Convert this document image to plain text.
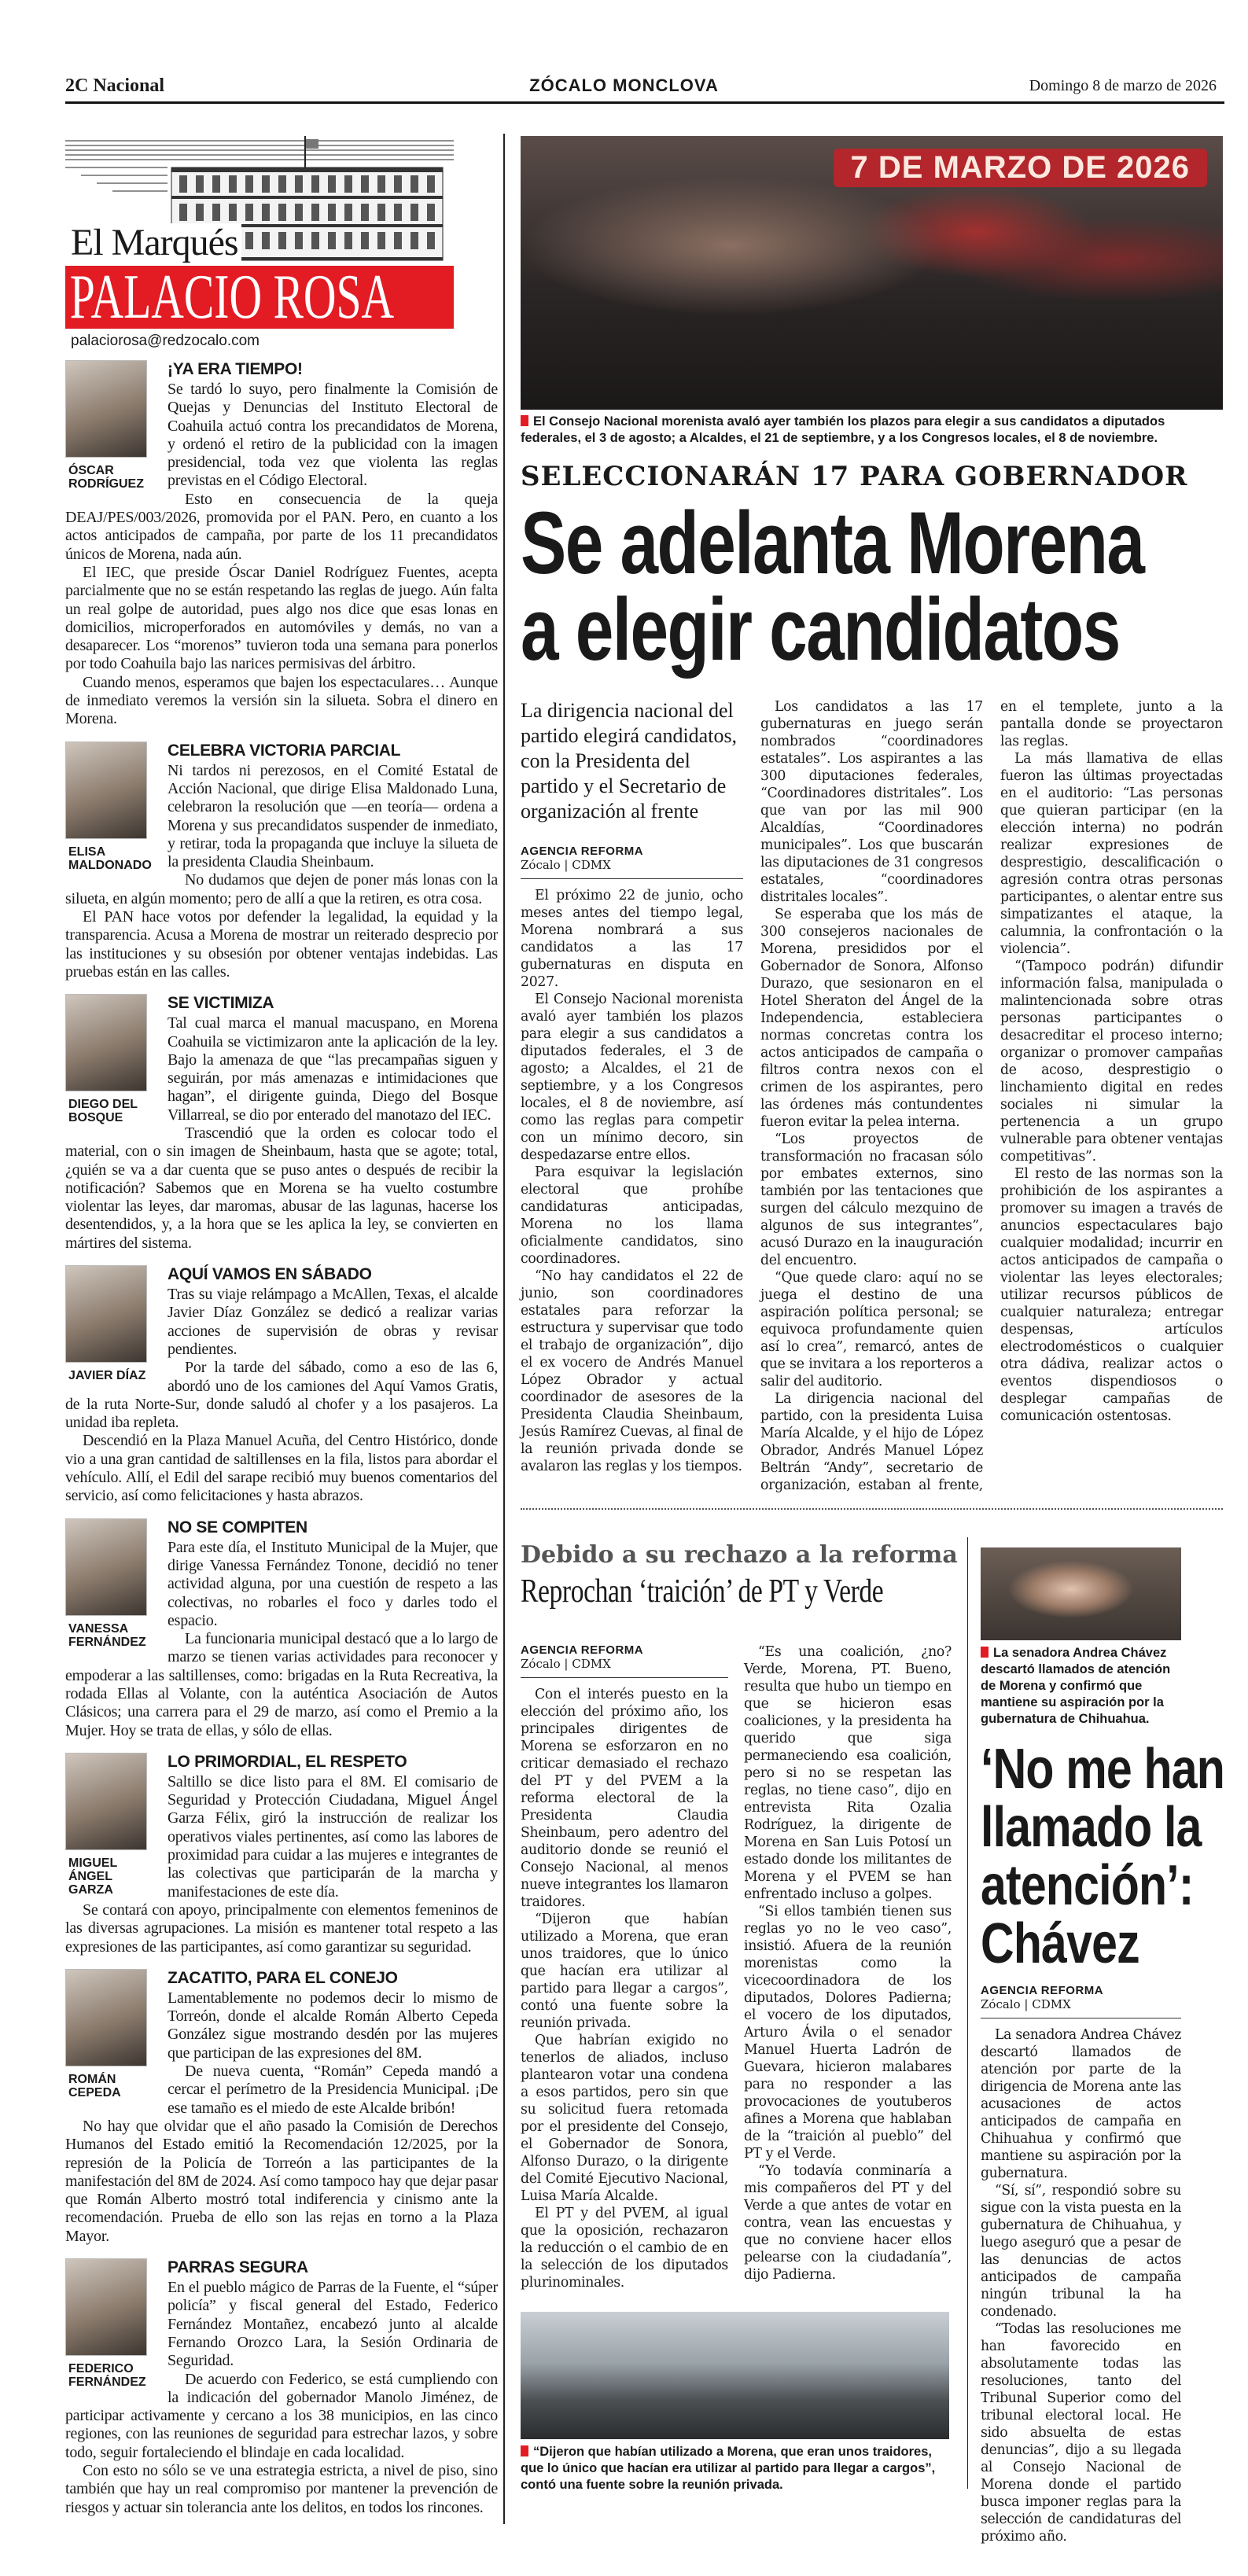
2C Nacional	ZÓCALO MONCLOVA	Domingo 8 de marzo de 2026
El Marqués
PALACIO ROSA
palaciorosa@redzocalo.com
ÓSCAR RODRÍGUEZ
¡YA ERA TIEMPO!

Se tardó lo suyo, pero finalmente la Comisión de Quejas y Denuncias del Instituto Electoral de Coahuila actuó contra los precandidatos de Morena, y ordenó el retiro de la publicidad con la imagen presidencial, toda vez que violenta las reglas previstas en el Código Electoral.

Esto en consecuencia de la queja DEAJ/PES/003/2026, promovida por el PAN. Pero, en cuanto a los actos anticipados de campaña, por parte de los 11 precandidatos únicos de Morena, nada aún.

El IEC, que preside Óscar Daniel Rodríguez Fuentes, acepta parcialmente que no se están respetando las reglas de juego. Aún falta un real golpe de autoridad, pues algo nos dice que esas lonas en domicilios, microperforados en automóviles y demás, no van a desaparecer. Los “morenos” tuvieron toda una semana para ponerlos por todo Coahuila bajo las narices permisivas del árbitro.

Cuando menos, esperamos que bajen los espectaculares… Aunque de inmediato veremos la versión sin la silueta. Sobra el dinero en Morena.

ELISA MALDONADO
CELEBRA VICTORIA PARCIAL

Ni tardos ni perezosos, en el Comité Estatal de Acción Nacional, que dirige Elisa Maldonado Luna, celebraron la resolución que —en teoría— ordena a Morena y sus precandidatos suspender de inmediato, y retirar, toda la propaganda que incluye la silueta de la presidenta Claudia Sheinbaum.

No dudamos que dejen de poner más lonas con la silueta, en algún momento; pero de allí a que la retiren, es otra cosa.

El PAN hace votos por defender la legalidad, la equidad y la transparencia. Acusa a Morena de mostrar un reiterado desprecio por las instituciones y su obsesión por obtener ventajas indebidas. Las pruebas están en las calles.

DIEGO DEL BOSQUE
SE VICTIMIZA

Tal cual marca el manual macuspano, en Morena Coahuila se victimizaron ante la aplicación de la ley. Bajo la amenaza de que “las precampañas siguen y seguirán, por más amenazas e intimidaciones que hagan”, el dirigente guinda, Diego del Bosque Villarreal, se dio por enterado del manotazo del IEC.

Trascendió que la orden es colocar todo el material, con o sin imagen de Sheinbaum, hasta que se agote; total, ¿quién se va a dar cuenta que se puso antes o después de recibir la notificación? Sabemos que en Morena se ha vuelto costumbre violentar las leyes, dar maromas, abusar de las lagunas, hacerse los desentendidos, y, a la hora que se les aplica la ley, se convierten en mártires del sistema.

JAVIER DÍAZ
AQUÍ VAMOS EN SÁBADO

Tras su viaje relámpago a McAllen, Texas, el alcalde Javier Díaz González se dedicó a realizar varias acciones de supervisión de obras y revisar pendientes.

Por la tarde del sábado, como a eso de las 6, abordó uno de los camiones del Aquí Vamos Gratis, de la ruta Norte-Sur, donde saludó al chofer y a los pasajeros. La unidad iba repleta.

Descendió en la Plaza Manuel Acuña, del Centro Histórico, donde vio a una gran cantidad de saltillenses en la fila, listos para abordar el vehículo. Allí, el Edil del sarape recibió muy buenos comentarios del servicio, así como felicitaciones y hasta abrazos.

VANESSA FERNÁNDEZ
NO SE COMPITEN

Para este día, el Instituto Municipal de la Mujer, que dirige Vanessa Fernández Tonone, decidió no tener actividad alguna, por una cuestión de respeto a las colectivas, no robarles el foco y darles todo el espacio.

La funcionaria municipal destacó que a lo largo de marzo se tienen varias actividades para reconocer y empoderar a las saltillenses, como: brigadas en la Ruta Recreativa, la rodada Ellas al Volante, con la auténtica Asociación de Autos Clásicos; una carrera para el 29 de marzo, así como el Premio a la Mujer. Hoy se trata de ellas, y sólo de ellas.

MIGUEL ÁNGEL GARZA
LO PRIMORDIAL, EL RESPETO

Saltillo se dice listo para el 8M. El comisario de Seguridad y Protección Ciudadana, Miguel Ángel Garza Félix, giró la instrucción de realizar los operativos viales pertinentes, así como las labores de proximidad para cuidar a las mujeres e integrantes de las colectivas que participarán de la marcha y manifestaciones de este día.

Se contará con apoyo, principalmente con elementos femeninos de las diversas agrupaciones. La misión es mantener total respeto a las expresiones de las participantes, así como garantizar su seguridad.

ROMÁN CEPEDA
ZACATITO, PARA EL CONEJO

Lamentablemente no podemos decir lo mismo de Torreón, donde el alcalde Román Alberto Cepeda González sigue mostrando desdén por las mujeres que participan de las expresiones del 8M.

De nueva cuenta, “Román” Cepeda mandó a cercar el perímetro de la Presidencia Municipal. ¡De ese tamaño es el miedo de este Alcalde bribón!

No hay que olvidar que el año pasado la Comisión de Derechos Humanos del Estado emitió la Recomendación 12/2025, por la represión de la Policía de Torreón a las participantes de la manifestación del 8M de 2024. Así como tampoco hay que dejar pasar que Román Alberto mostró total indiferencia y cinismo ante la recomendación. Prueba de ello son las rejas en torno a la Plaza Mayor.

FEDERICO FERNÁNDEZ
PARRAS SEGURA

En el pueblo mágico de Parras de la Fuente, el “súper policía” y fiscal general del Estado, Federico Fernández Montañez, encabezó junto al alcalde Fernando Orozco Lara, la Sesión Ordinaria de Seguridad.

De acuerdo con Federico, se está cumpliendo con la indicación del gobernador Manolo Jiménez, de participar activamente y cercano a los 38 municipios, en las cinco regiones, con las reuniones de seguridad para estrechar lazos, y sobre todo, seguir fortaleciendo el blindaje en cada localidad.

Con esto no sólo se ve una estrategia estricta, a nivel de piso, sino también que hay un real compromiso por mantener la prevención de riesgos y actuar sin tolerancia ante los delitos, en todos los rincones.

7 DE MARZO DE 2026
El Consejo Nacional morenista avaló ayer también los plazos para elegir a sus candidatos a diputados federales, el 3 de agosto; a Alcaldes, el 21 de septiembre, y a los Congresos locales, el 8 de noviembre.
SELECCIONARÁN 17 PARA GOBERNADOR
Se adelanta Morena
a elegir candidatos
La dirigencia nacional del partido elegirá candidatos, con la Presidenta del partido y el Secretario de organización al frente
AGENCIA REFORMA
Zócalo | CDMX

El próximo 22 de junio, ocho meses antes del tiempo legal, Morena nombrará a sus candidatos a las 17 gubernaturas en disputa en 2027.

El Consejo Nacional morenista avaló ayer también los plazos para elegir a sus candidatos a diputados federales, el 3 de agosto; a Alcaldes, el 21 de septiembre, y a los Congresos locales, el 8 de noviembre, así como las reglas para competir con un mínimo decoro, sin despedazarse entre ellos.

Para esquivar la legislación electoral que prohíbe candidaturas anticipadas, Morena no los llama oficialmente candidatos, sino coordinadores.

“No hay candidatos el 22 de junio, son coordinadores estatales para reforzar la estructura y supervisar que todo el trabajo de organización”, dijo el ex vocero de Andrés Manuel López Obrador y actual coordinador de asesores de la Presidenta Claudia Sheinbaum, Jesús Ramírez Cuevas, al final de la reunión privada donde se avalaron las reglas y los tiempos.

Los candidatos a las 17 gubernaturas en juego serán nombrados “coordinadores estatales”. Los aspirantes a las 300 diputaciones federales, “Coordinadores distritales”. Los que van por las mil 900 Alcaldías, “Coordinadores municipales”. Los que buscarán las diputaciones de 31 congresos estatales, “coordinadores distritales locales”.

Se esperaba que los más de 300 consejeros nacionales de Morena, presididos por el Gobernador de Sonora, Alfonso Durazo, que sesionaron en el Hotel Sheraton del Ángel de la Independencia, estableciera normas concretas contra los actos anticipados de campaña o filtros contra nexos con el crimen de los aspirantes, pero las órdenes más contundentes fueron evitar la pelea interna.

“Los proyectos de transformación no fracasan sólo por embates externos, sino también por las tentaciones que surgen del cálculo mezquino de algunos de sus integrantes”, acusó Durazo en la inauguración del encuentro.

“Que quede claro: aquí no se juega el destino de una aspiración política personal; se equivoca profundamente quien así lo crea”, remarcó, antes de que se invitara a los reporteros a salir del auditorio.

La dirigencia nacional del partido, con la presidenta Luisa María Alcalde, y el hijo de López Obrador, Andrés Manuel López Beltrán “Andy”, secretario de organización, estaban al frente, en el templete, junto a la pantalla donde se proyectaron las reglas.

La más llamativa de ellas fueron las últimas proyectadas en el auditorio: “Las personas que quieran participar (en la elección interna) no podrán realizar expresiones de desprestigio, descalificación o agresión contra otras personas participantes, o alentar entre sus simpatizantes el ataque, la calumnia, la confrontación o la violencia”.

“(Tampoco podrán) difundir información falsa, manipulada o malintencionada sobre otras personas participantes o desacreditar el proceso interno; organizar o promover campañas de acoso, desprestigio o linchamiento digital en redes sociales ni simular la pertenencia a un grupo vulnerable para obtener ventajas competitivas”.

El resto de las normas son la prohibición de los aspirantes a promover su imagen a través de anuncios espectaculares bajo cualquier modalidad; incurrir en actos anticipados de campaña o violentar las leyes electorales; utilizar recursos públicos de cualquier naturaleza; entregar despensas, artículos electrodomésticos o cualquier otra dádiva, realizar actos o eventos dispendiosos o desplegar campañas de comunicación ostentosas.

Debido a su rechazo a la reforma
Reprochan ‘traición’ de PT y Verde
AGENCIA REFORMA
Zócalo | CDMX

Con el interés puesto en la elección del próximo año, los principales dirigentes de Morena se esforzaron en no criticar demasiado el rechazo del PT y del PVEM a la reforma electoral de la Presidenta Claudia Sheinbaum, pero adentro del auditorio donde se reunió el Consejo Nacional, al menos nueve integrantes los llamaron traidores.

“Dijeron que habían utilizado a Morena, que eran unos traidores, que lo único que hacían era utilizar al partido para llegar a cargos”, contó una fuente sobre la reunión privada.

Que habrían exigido no tenerlos de aliados, incluso plantearon votar una condena a esos partidos, pero sin que su solicitud fuera retomada por el presidente del Consejo, el Gobernador de Sonora, Alfonso Durazo, o la dirigente del Comité Ejecutivo Nacional, Luisa María Alcalde.

El PT y del PVEM, al igual que la oposición, rechazaron la reducción o el cambio de en la selección de los diputados plurinominales.

“Es una coalición, ¿no? Verde, Morena, PT. Bueno, resulta que hubo un tiempo en que se hicieron esas coaliciones, y la presidenta ha querido que siga permaneciendo esa coalición, pero si no se respetan las reglas, no tiene caso”, dijo en entrevista Rita Ozalia Rodríguez, la dirigente de Morena en San Luis Potosí un estado donde los militantes de Morena y el PVEM se han enfrentado incluso a golpes.

“Si ellos también tienen sus reglas yo no le veo caso”, insistió. Afuera de la reunión morenistas como la vicecoordinadora de los diputados, Dolores Padierna; el vocero de los diputados, Arturo Ávila o el senador Manuel Huerta Ladrón de Guevara, hicieron malabares para no responder a las provocaciones de youtuberos afines a Morena que hablaban de la “traición al pueblo” del PT y el Verde.

“Yo todavía conminaría a mis compañeros del PT y del Verde a que antes de votar en contra, vean las encuestas y que no conviene hacer ellos pelearse con la ciudadanía”, dijo Padierna.

“Dijeron que habían utilizado a Morena, que eran unos traidores, que lo único que hacían era utilizar al partido para llegar a cargos”, contó una fuente sobre la reunión privada.
La senadora Andrea Chávez descartó llamados de atención de Morena y confirmó que mantiene su aspiración por la gubernatura de Chihuahua.
‘No me han
llamado la
atención’:
Chávez
AGENCIA REFORMA
Zócalo | CDMX

La senadora Andrea Chávez descartó llamados de atención por parte de la dirigencia de Morena ante las acusaciones de actos anticipados de campaña en Chihuahua y confirmó que mantiene su aspiración por la gubernatura.

“Sí, sí”, respondió sobre su sigue con la vista puesta en la gubernatura de Chihuahua, y luego aseguró que a pesar de las denuncias de actos anticipados de campaña ningún tribunal la ha condenado.

“Todas las resoluciones me han favorecido en absolutamente todas las resoluciones, tanto del Tribunal Superior como del tribunal electoral local. He sido absuelta de estas denuncias”, dijo a su llegada al Consejo Nacional de Morena donde el partido busca imponer reglas para la selección de candidaturas del próximo año.
